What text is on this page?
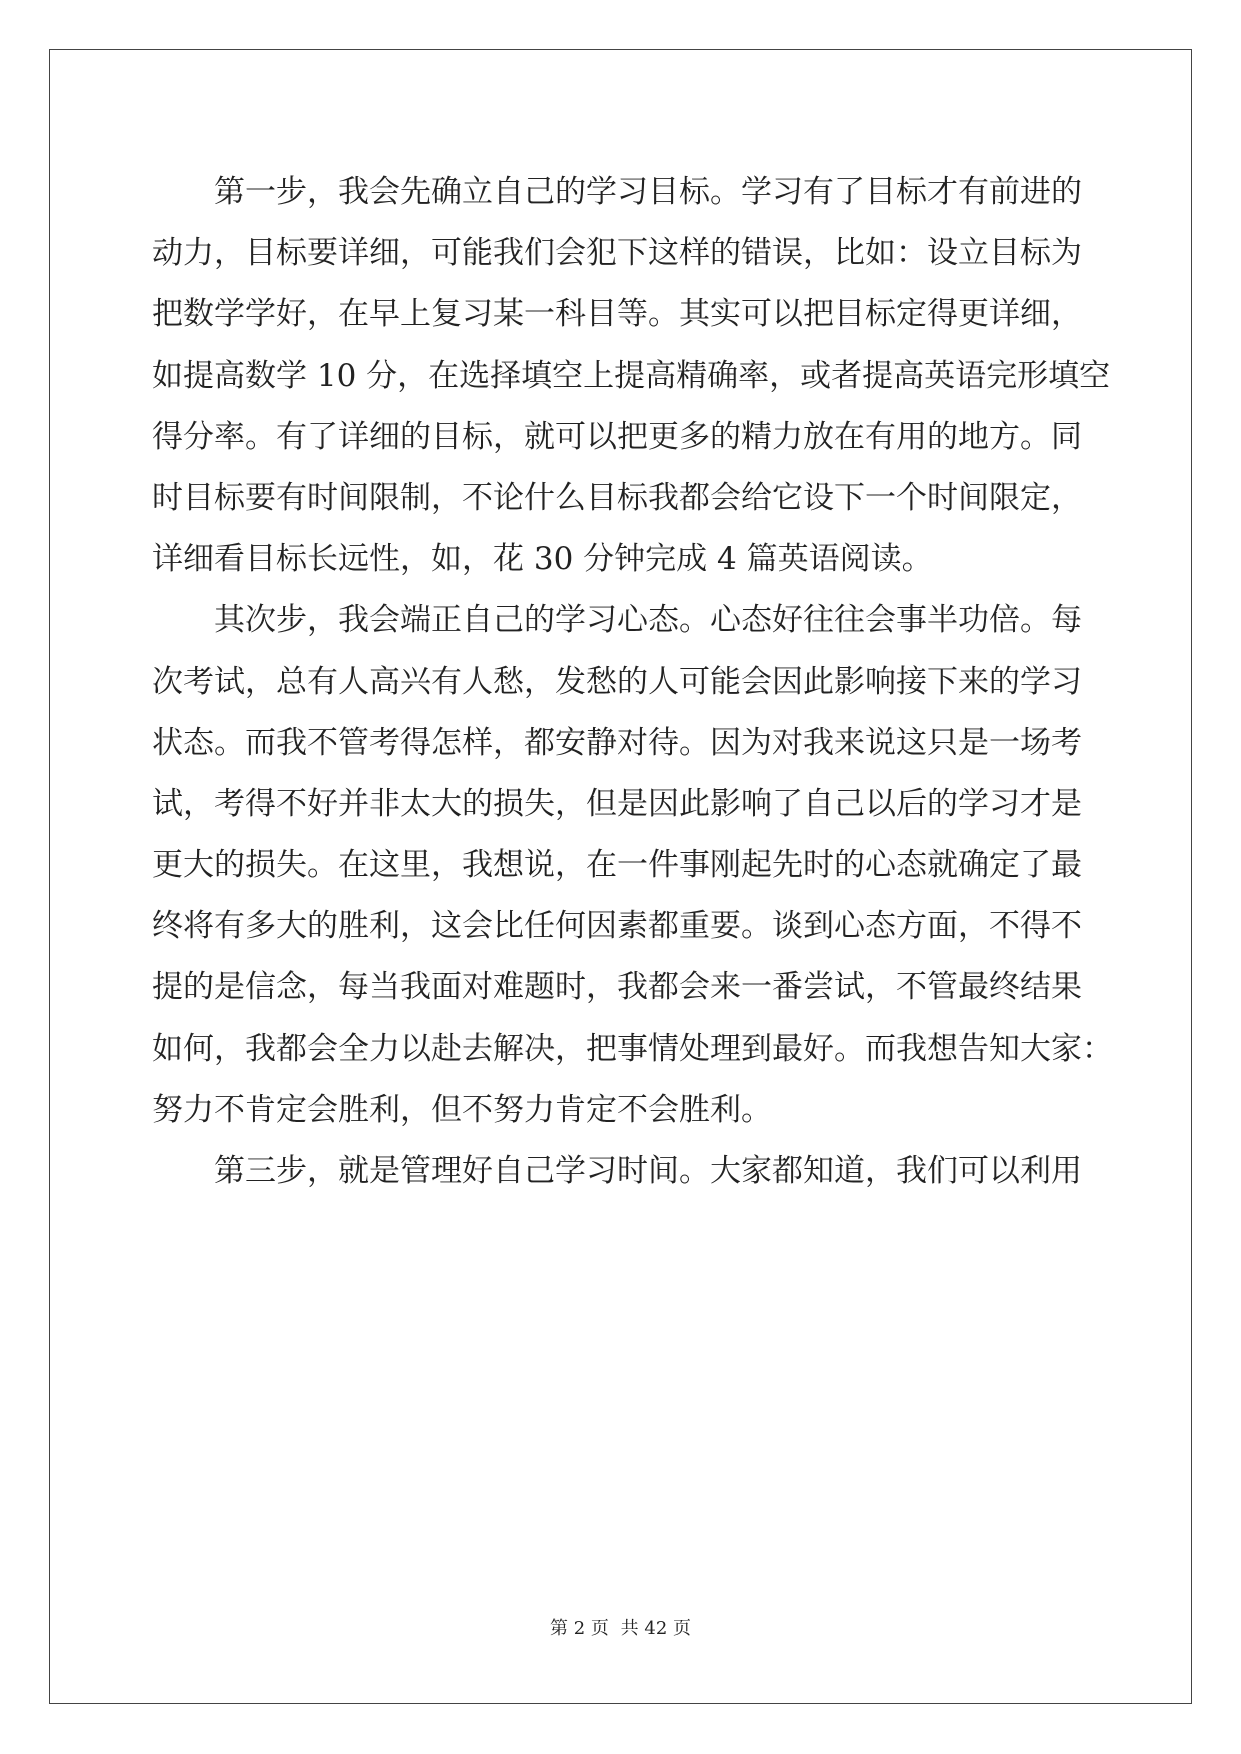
第一步，我会先确立自己的学习目标。学习有了目标才有前进的
动力，目标要详细，可能我们会犯下这样的错误，比如：设立目标为
把数学学好，在早上复习某一科目等。其实可以把目标定得更详细，
如提高数学 10 分，在选择填空上提高精确率，或者提高英语完形填空
得分率。有了详细的目标，就可以把更多的精力放在有用的地方。同
时目标要有时间限制，不论什么目标我都会给它设下一个时间限定，
详细看目标长远性，如，花 30 分钟完成 4 篇英语阅读。
其次步，我会端正自己的学习心态。心态好往往会事半功倍。每
次考试，总有人高兴有人愁，发愁的人可能会因此影响接下来的学习
状态。而我不管考得怎样，都安静对待。因为对我来说这只是一场考
试，考得不好并非太大的损失，但是因此影响了自己以后的学习才是
更大的损失。在这里，我想说，在一件事刚起先时的心态就确定了最
终将有多大的胜利，这会比任何因素都重要。谈到心态方面，不得不
提的是信念，每当我面对难题时，我都会来一番尝试，不管最终结果
如何，我都会全力以赴去解决，把事情处理到最好。而我想告知大家：
努力不肯定会胜利，但不努力肯定不会胜利。
第三步，就是管理好自己学习时间。大家都知道，我们可以利用
第 2 页 共 42 页
